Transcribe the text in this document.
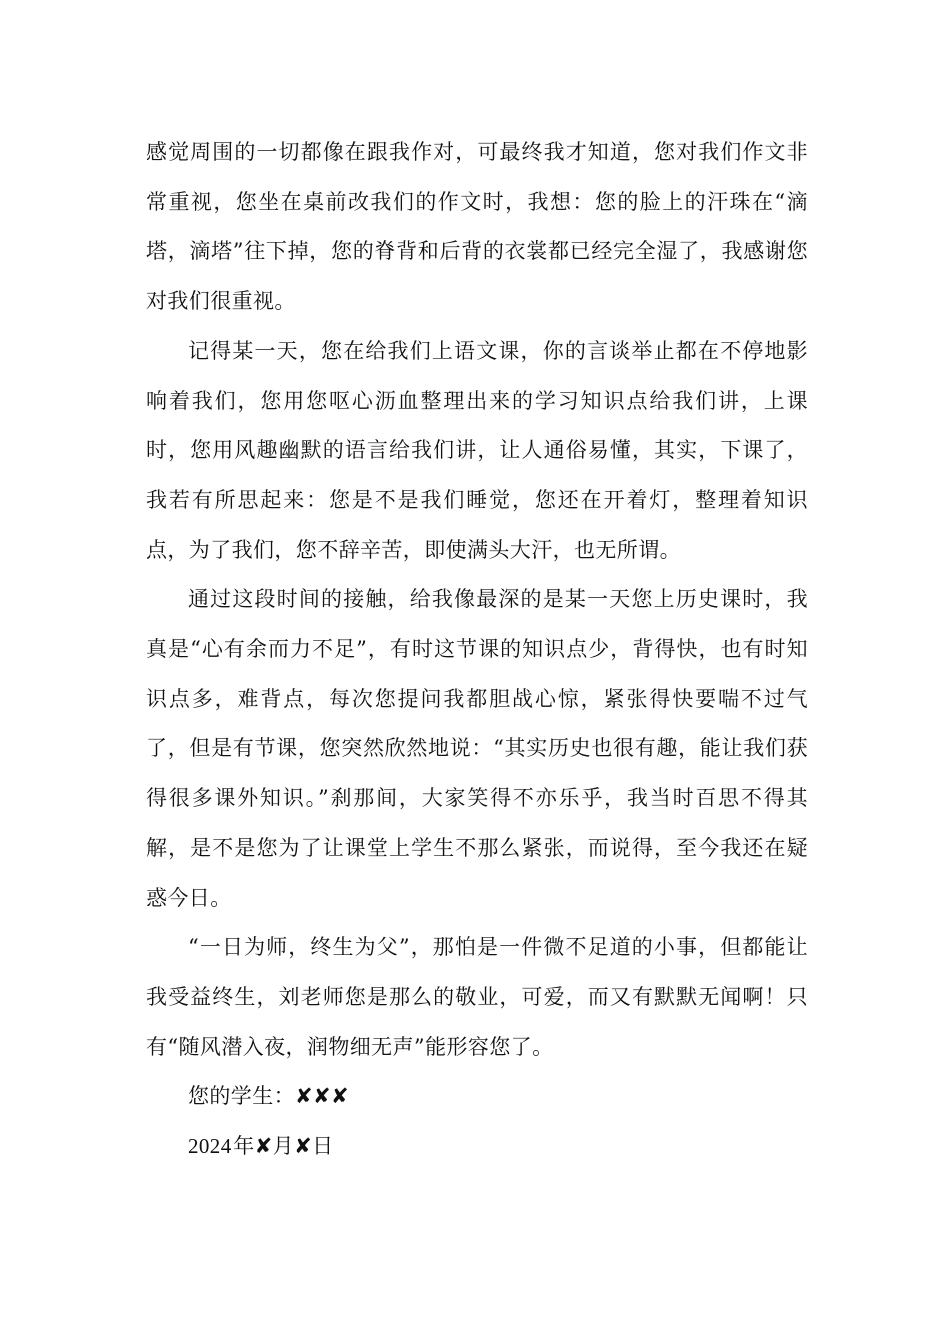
感觉周围的一切都像在跟我作对，可最终我才知道，您对我们作文非常重视，您坐在桌前改我们的作文时，我想：您的脸上的汗珠在“滴塔，滴塔”往下掉，您的脊背和后背的衣裳都已经完全湿了，我感谢您对我们很重视。

记得某一天，您在给我们上语文课，你的言谈举止都在不停地影响着我们，您用您呕心沥血整理出来的学习知识点给我们讲，上课时，您用风趣幽默的语言给我们讲，让人通俗易懂，其实，下课了，我若有所思起来：您是不是我们睡觉，您还在开着灯，整理着知识点，为了我们，您不辞辛苦，即使满头大汗，也无所谓。

通过这段时间的接触，给我像最深的是某一天您上历史课时，我真是“心有余而力不足”，有时这节课的知识点少，背得快，也有时知识点多，难背点，每次您提问我都胆战心惊，紧张得快要喘不过气了，但是有节课，您突然欣然地说：“其实历史也很有趣，能让我们获得很多课外知识。”刹那间，大家笑得不亦乐乎，我当时百思不得其解，是不是您为了让课堂上学生不那么紧张，而说得，至今我还在疑惑今日。

“一日为师，终生为父”，那怕是一件微不足道的小事，但都能让我受益终生，刘老师您是那么的敬业，可爱，而又有默默无闻啊！只有“随风潜入夜，润物细无声”能形容您了。

您的学生：✘✘✘
2024 年✘月✘日
